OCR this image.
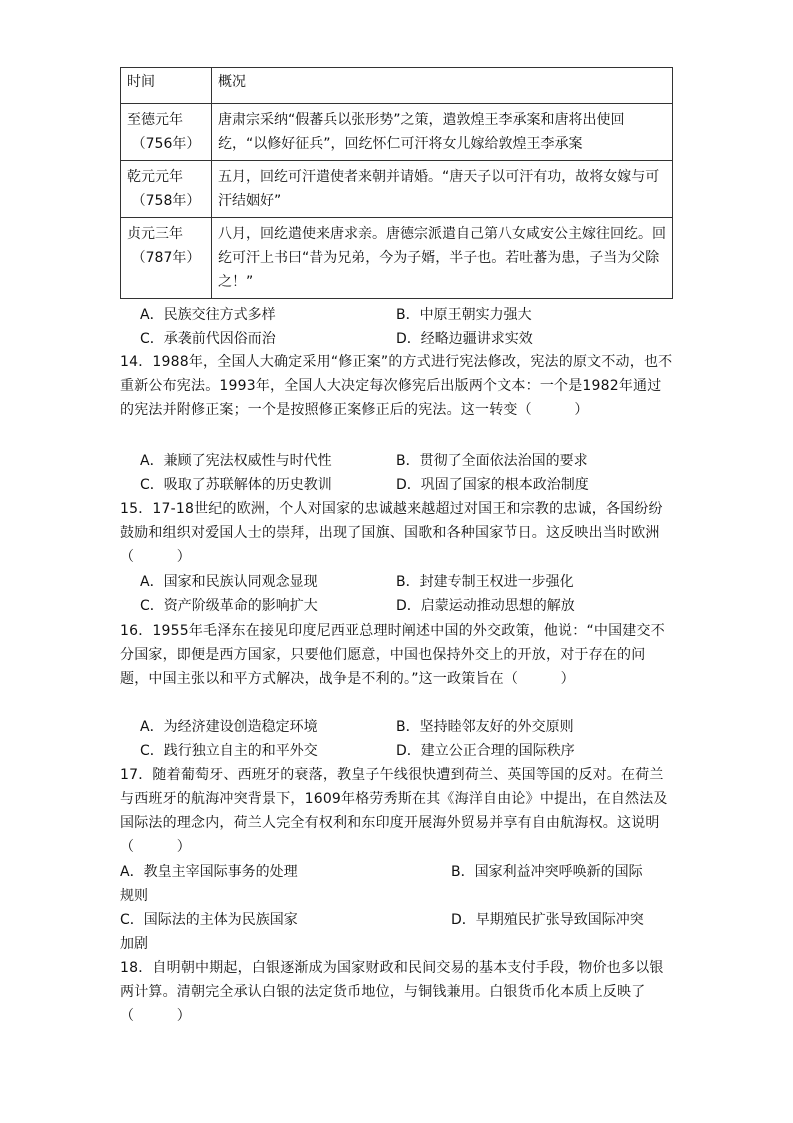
时间	概况
至德元年
（756年）	唐肃宗采纳“假蕃兵以张形势”之策，遣敦煌王李承案和唐将出使回纥，“以修好征兵”，回纥怀仁可汗将女儿嫁给敦煌王李承案
乾元元年
（758年）	五月，回纥可汗遣使者来朝并请婚。“唐天子以可汗有功，故将女嫁与可汗结姻好”
贞元三年
（787年）	八月，回纥遣使来唐求亲。唐德宗派遣自己第八女咸安公主嫁往回纥。回纥可汗上书曰“昔为兄弟，今为子婿，半子也。若吐蕃为患，子当为父除之！”
A．民族交往方式多样	B．中原王朝实力强大
C．承袭前代因俗而治	D．经略边疆讲求实效
14．1988年，全国人大确定采用“修正案”的方式进行宪法修改，宪法的原文不动，也不重新公布宪法。1993年，全国人大决定每次修宪后出版两个文本：一个是1982年通过的宪法并附修正案；一个是按照修正案修正后的宪法。这一转变（　　　）
A．兼顾了宪法权威性与时代性	B．贯彻了全面依法治国的要求
C．吸取了苏联解体的历史教训	D．巩固了国家的根本政治制度
15．17-18世纪的欧洲，个人对国家的忠诚越来越超过对国王和宗教的忠诚，各国纷纷鼓励和组织对爱国人士的崇拜，出现了国旗、国歌和各种国家节日。这反映出当时欧洲（　　　）
A．国家和民族认同观念显现	B．封建专制王权进一步强化
C．资产阶级革命的影响扩大	D．启蒙运动推动思想的解放
16．1955年毛泽东在接见印度尼西亚总理时阐述中国的外交政策，他说：“中国建交不分国家，即便是西方国家，只要他们愿意，中国也保持外交上的开放，对于存在的问题，中国主张以和平方式解决，战争是不利的。”这一政策旨在（　　　）
A．为经济建设创造稳定环境	B．坚持睦邻友好的外交原则
C．践行独立自主的和平外交	D．建立公正合理的国际秩序
17．随着葡萄牙、西班牙的衰落，教皇子午线很快遭到荷兰、英国等国的反对。在荷兰与西班牙的航海冲突背景下，1609年格劳秀斯在其《海洋自由论》中提出，在自然法及国际法的理念内，荷兰人完全有权利和东印度开展海外贸易并享有自由航海权。这说明（　　　）
A．教皇主宰国际事务的处理	B．国家利益冲突呼唤新的国际
规则
C．国际法的主体为民族国家	D．早期殖民扩张导致国际冲突
加剧
18．自明朝中期起，白银逐渐成为国家财政和民间交易的基本支付手段，物价也多以银两计算。清朝完全承认白银的法定货币地位，与铜钱兼用。白银货币化本质上反映了（　　　）
